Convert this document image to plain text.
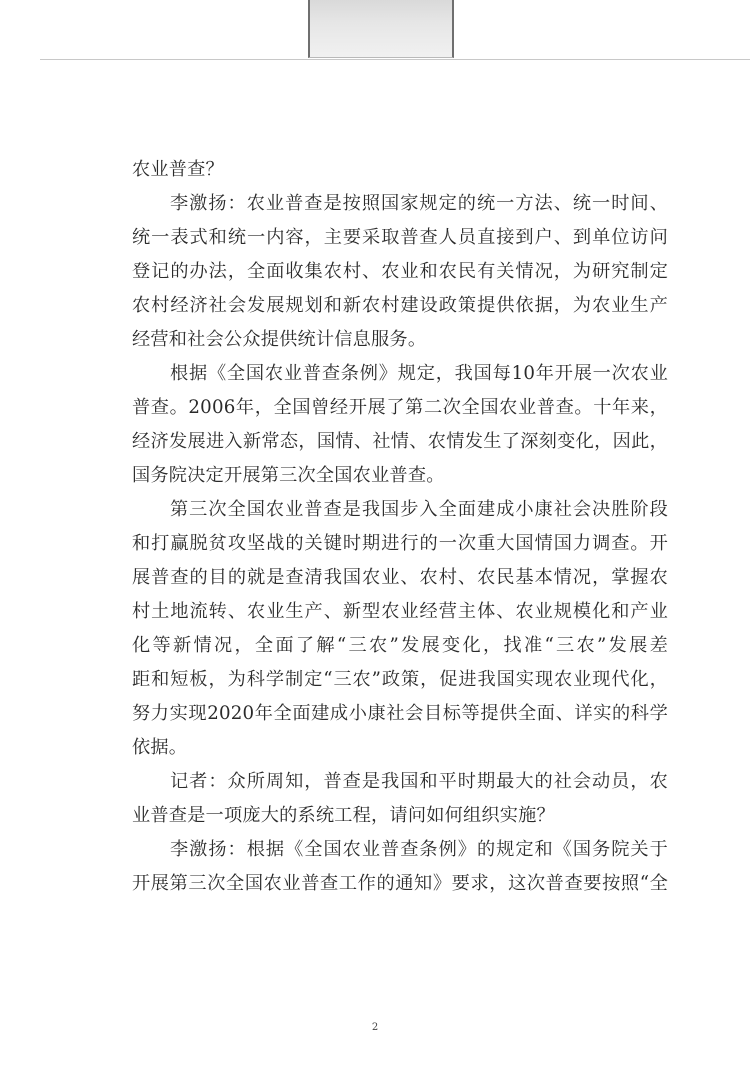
农业普查？
李激扬：农业普查是按照国家规定的统一方法、统一时间、
统一表式和统一内容，主要采取普查人员直接到户、到单位访问
登记的办法，全面收集农村、农业和农民有关情况，为研究制定
农村经济社会发展规划和新农村建设政策提供依据，为农业生产
经营和社会公众提供统计信息服务。
根据《全国农业普查条例》规定，我国每10年开展一次农业
普查。2006年，全国曾经开展了第二次全国农业普查。十年来，
经济发展进入新常态，国情、社情、农情发生了深刻变化，因此，
国务院决定开展第三次全国农业普查。
第三次全国农业普查是我国步入全面建成小康社会决胜阶段
和打赢脱贫攻坚战的关键时期进行的一次重大国情国力调查。开
展普查的目的就是查清我国农业、农村、农民基本情况，掌握农
村土地流转、农业生产、新型农业经营主体、农业规模化和产业
化等新情况，全面了解“三农”发展变化，找准“三农”发展差
距和短板，为科学制定“三农”政策，促进我国实现农业现代化，
努力实现2020年全面建成小康社会目标等提供全面、详实的科学
依据。
记者：众所周知，普查是我国和平时期最大的社会动员，农
业普查是一项庞大的系统工程，请问如何组织实施？
李激扬：根据《全国农业普查条例》的规定和《国务院关于
开展第三次全国农业普查工作的通知》要求，这次普查要按照“全
2
